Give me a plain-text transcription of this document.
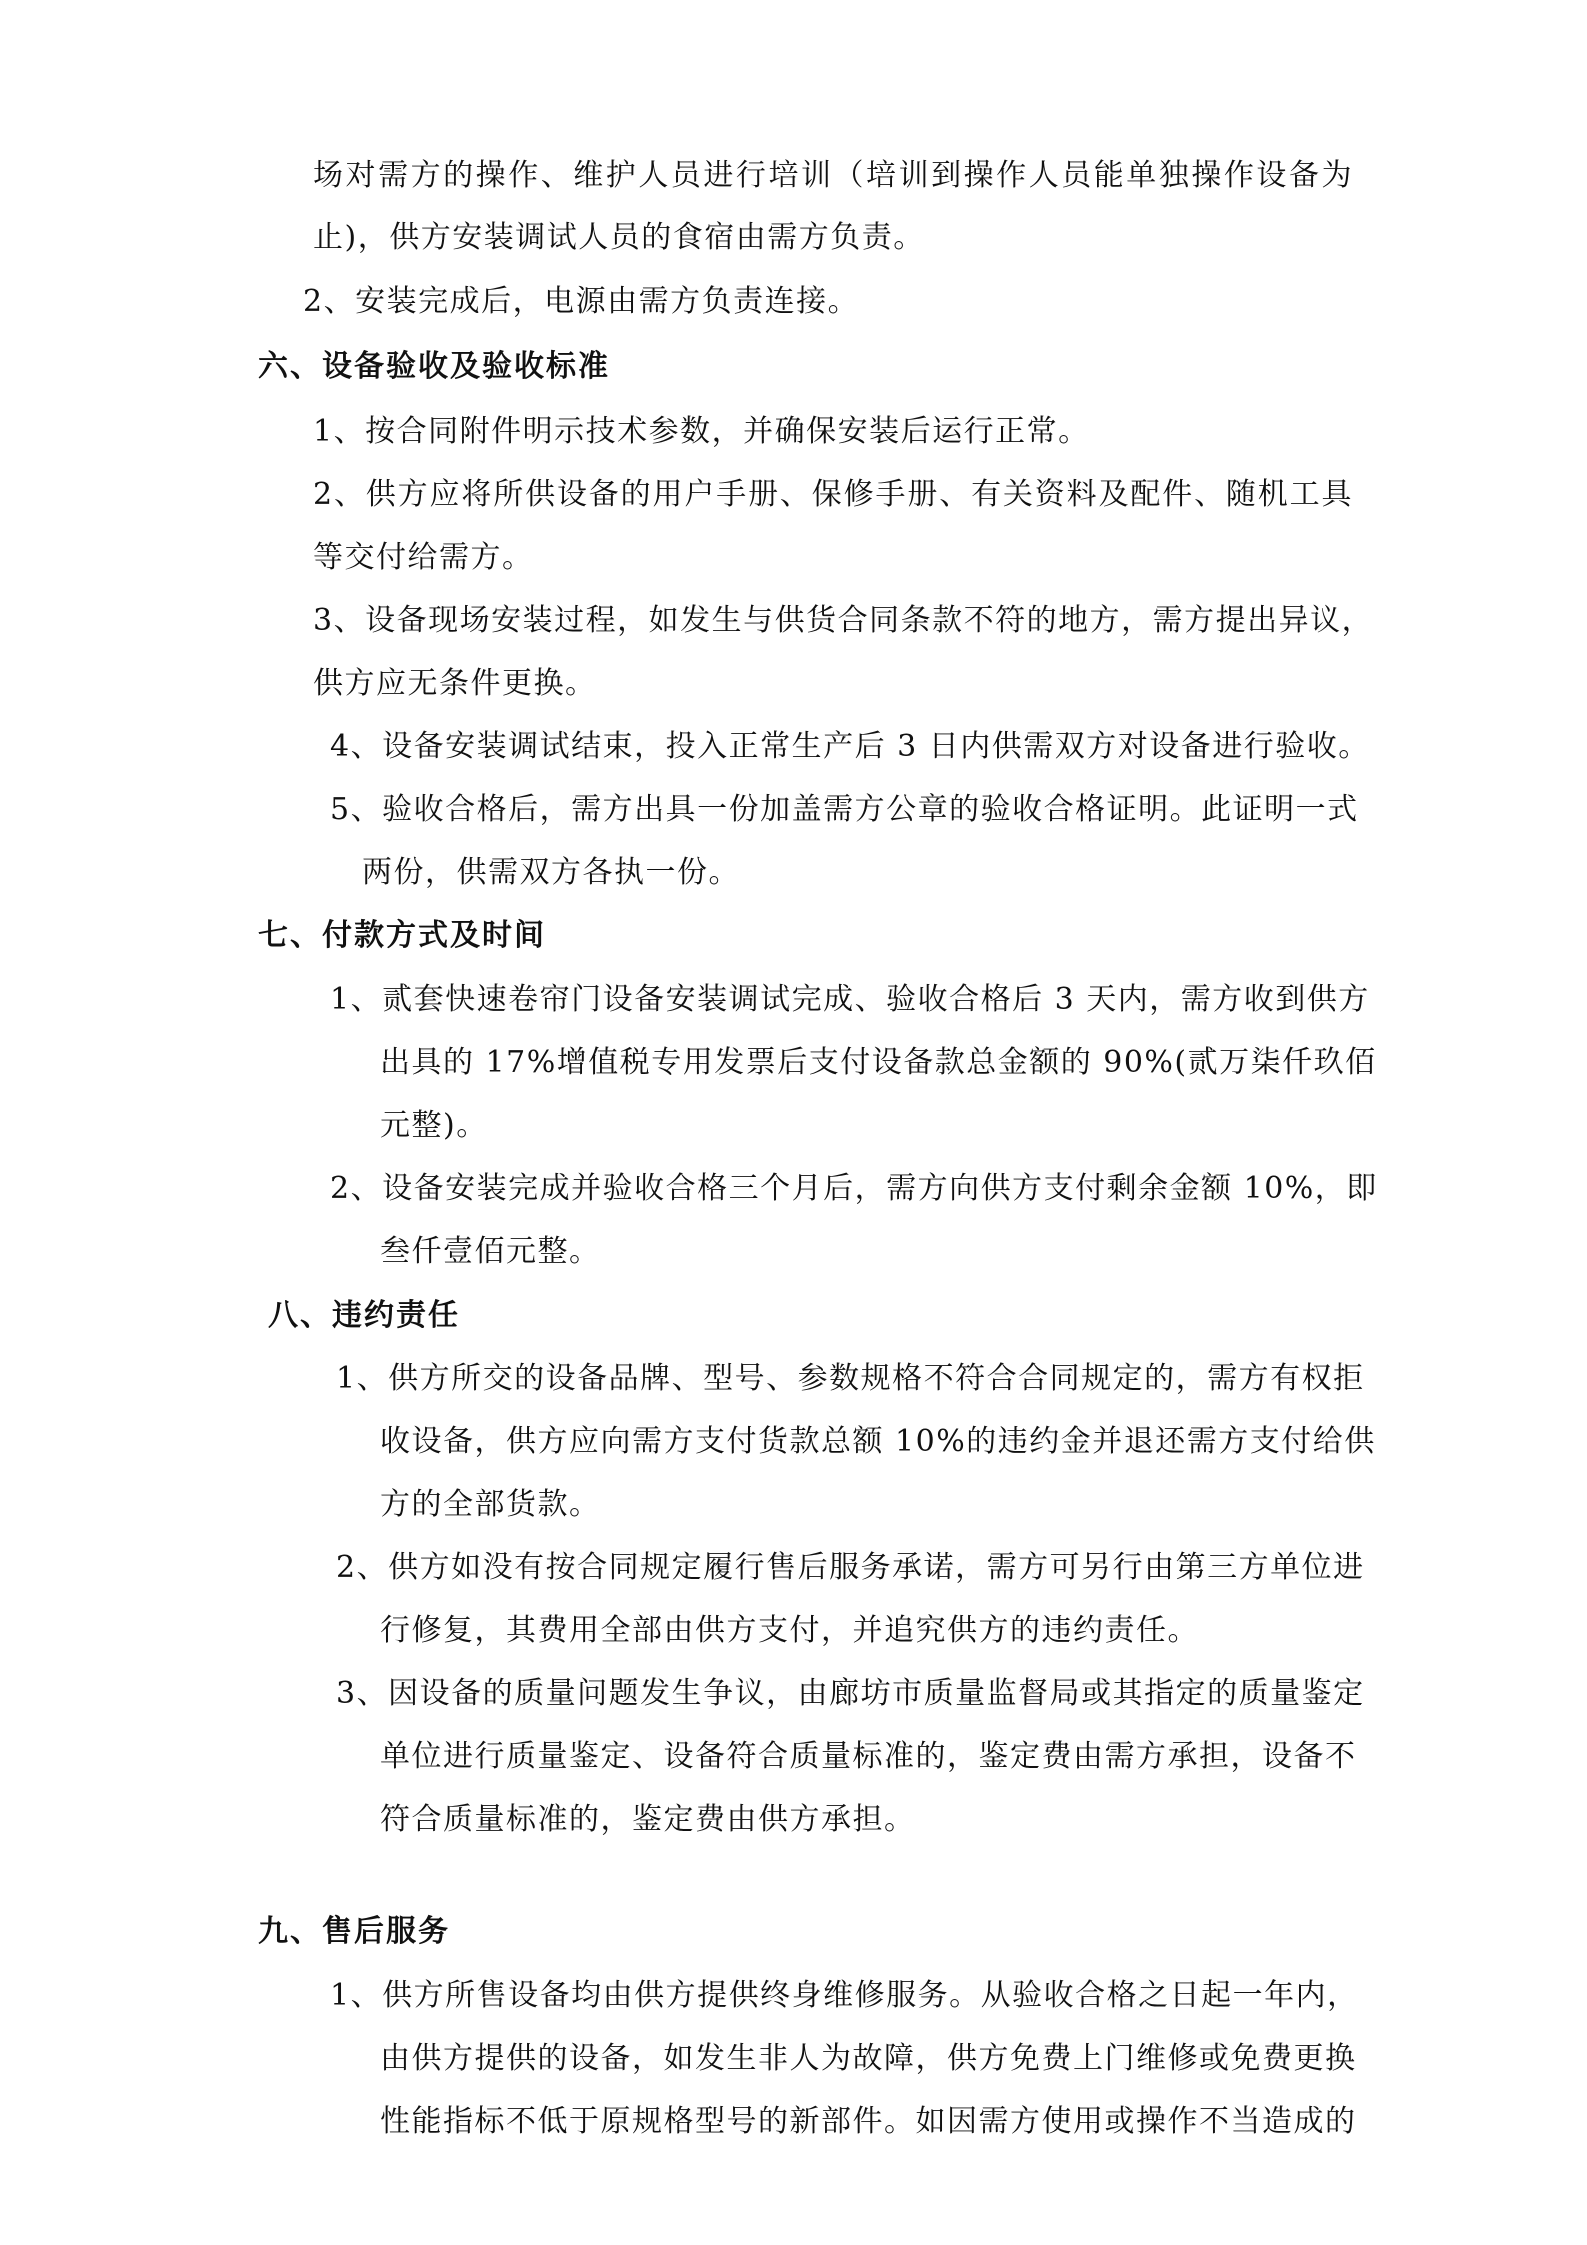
场对需方的操作、维护人员进行培训（培训到操作人员能单独操作设备为
止)，供方安装调试人员的食宿由需方负责。
2、安装完成后，电源由需方负责连接。
六、设备验收及验收标准
1、按合同附件明示技术参数，并确保安装后运行正常。
2、供方应将所供设备的用户手册、保修手册、有关资料及配件、随机工具
等交付给需方。
3、设备现场安装过程，如发生与供货合同条款不符的地方，需方提出异议，
供方应无条件更换。
4、设备安装调试结束，投入正常生产后 3 日内供需双方对设备进行验收。
5、验收合格后，需方出具一份加盖需方公章的验收合格证明。此证明一式
两份，供需双方各执一份。
七、付款方式及时间
1、贰套快速卷帘门设备安装调试完成、验收合格后 3 天内，需方收到供方
出具的 17%增值税专用发票后支付设备款总金额的 90%(贰万柒仟玖佰
元整)。
2、设备安装完成并验收合格三个月后，需方向供方支付剩余金额 10%，即
叁仟壹佰元整。
八、违约责任
1、供方所交的设备品牌、型号、参数规格不符合合同规定的，需方有权拒
收设备，供方应向需方支付货款总额 10%的违约金并退还需方支付给供
方的全部货款。
2、供方如没有按合同规定履行售后服务承诺，需方可另行由第三方单位进
行修复，其费用全部由供方支付，并追究供方的违约责任。
3、因设备的质量问题发生争议，由廊坊市质量监督局或其指定的质量鉴定
单位进行质量鉴定、设备符合质量标准的，鉴定费由需方承担，设备不
符合质量标准的，鉴定费由供方承担。
九、售后服务
1、供方所售设备均由供方提供终身维修服务。从验收合格之日起一年内，
由供方提供的设备，如发生非人为故障，供方免费上门维修或免费更换
性能指标不低于原规格型号的新部件。如因需方使用或操作不当造成的
